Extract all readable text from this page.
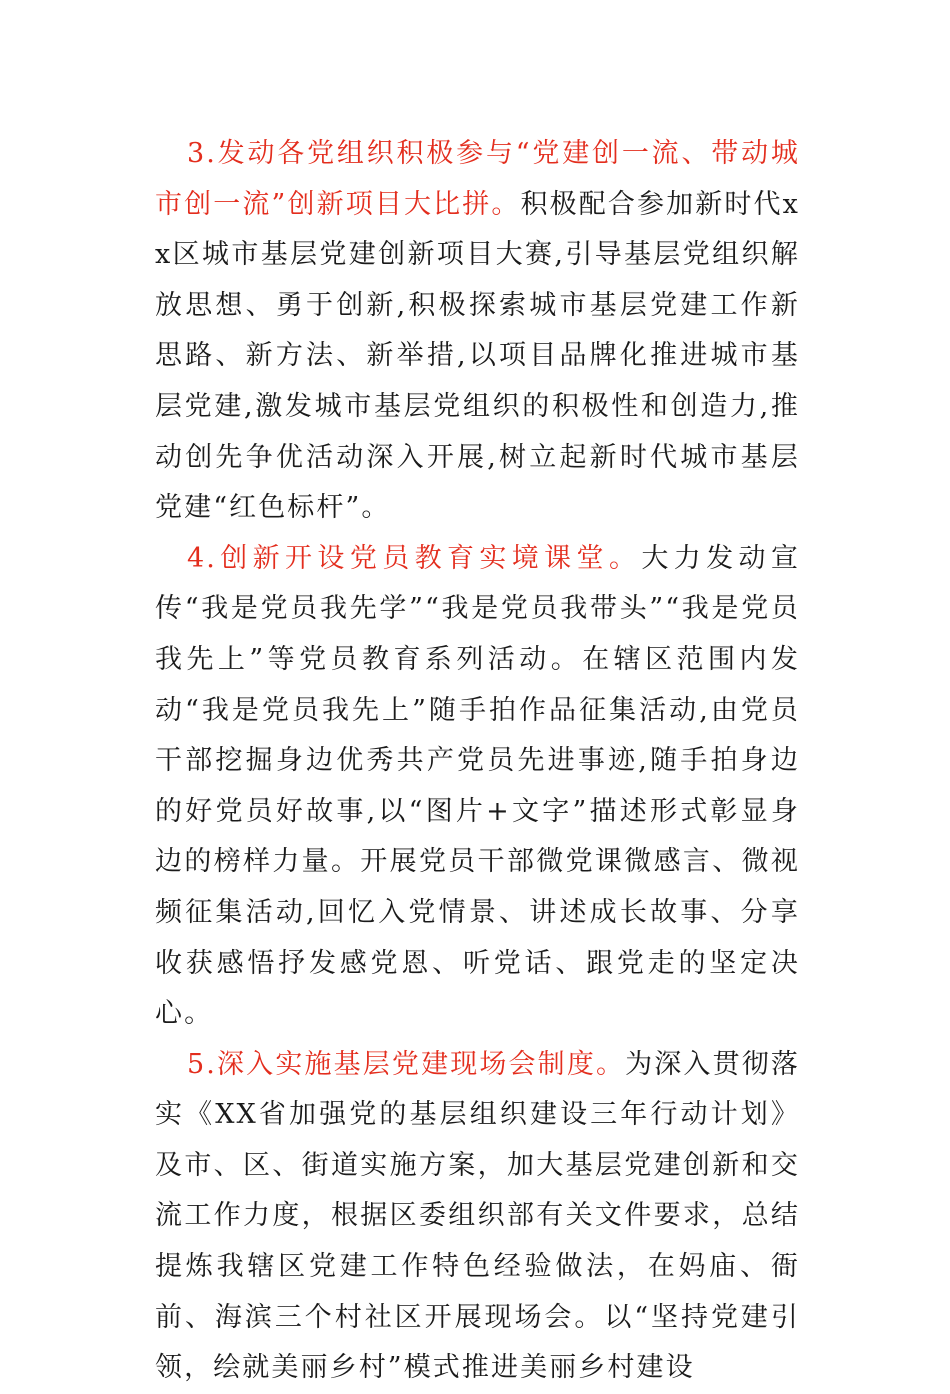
3.发动各党组织积极参与“党建创一流、带动城市创一流”创新项目大比拼。积极配合参加新时代xx区城市基层党建创新项目大赛,引导基层党组织解放思想、勇于创新,积极探索城市基层党建工作新思路、新方法、新举措,以项目品牌化推进城市基层党建,激发城市基层党组织的积极性和创造力,推动创先争优活动深入开展,树立起新时代城市基层党建“红色标杆”。

4.创新开设党员教育实境课堂。大力发动宣传“我是党员我先学”“我是党员我带头”“我是党员我先上”等党员教育系列活动。在辖区范围内发动“我是党员我先上”随手拍作品征集活动,由党员干部挖掘身边优秀共产党员先进事迹,随手拍身边的好党员好故事,以“图片+文字”描述形式彰显身边的榜样力量。开展党员干部微党课微感言、微视频征集活动,回忆入党情景、讲述成长故事、分享收获感悟抒发感党恩、听党话、跟党走的坚定决心。

5.深入实施基层党建现场会制度。为深入贯彻落实《XX省加强党的基层组织建设三年行动计划》及市、区、街道实施方案，加大基层党建创新和交流工作力度，根据区委组织部有关文件要求，总结提炼我辖区党建工作特色经验做法，在妈庙、衙前、海滨三个村社区开展现场会。以“坚持党建引领，绘就美丽乡村”模式推进美丽乡村建设
